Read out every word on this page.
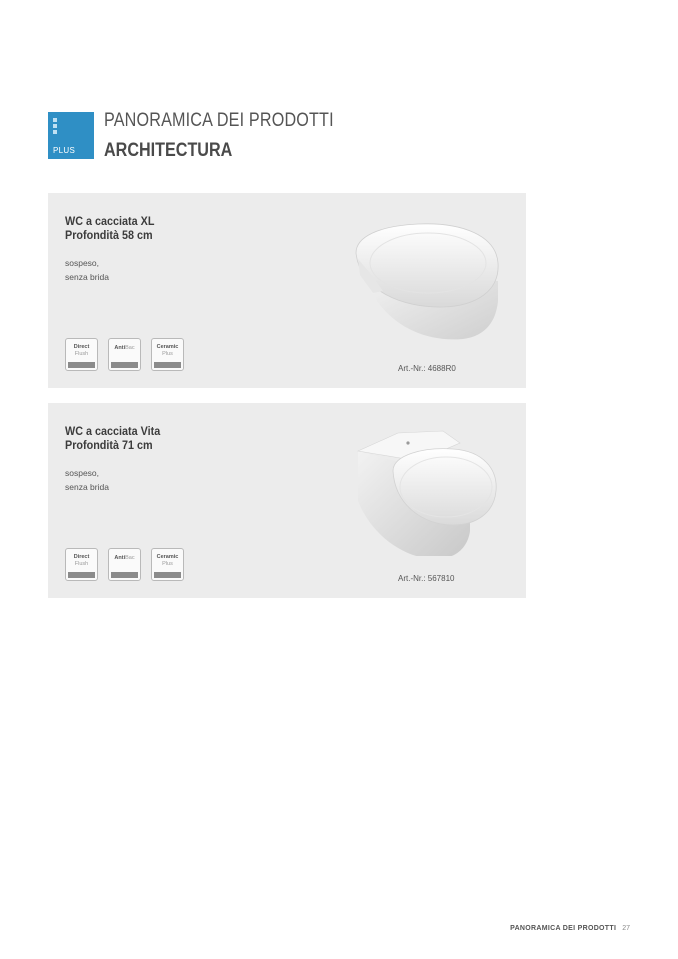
PLUS
PANORAMICA DEI PRODOTTI
ARCHITECTURA
WC a cacciata XL
Profondità 58 cm
sospeso,
senza brida
Direct
Flush
AntiBac	Ceramic
Plus
Art.-Nr.: 4688R0
WC a cacciata Vita
Profondità 71 cm
sospeso,
senza brida
Direct
Flush
AntiBac	Ceramic
Plus
Art.-Nr.: 567810
PANORAMICA DEI PRODOTTI 27
